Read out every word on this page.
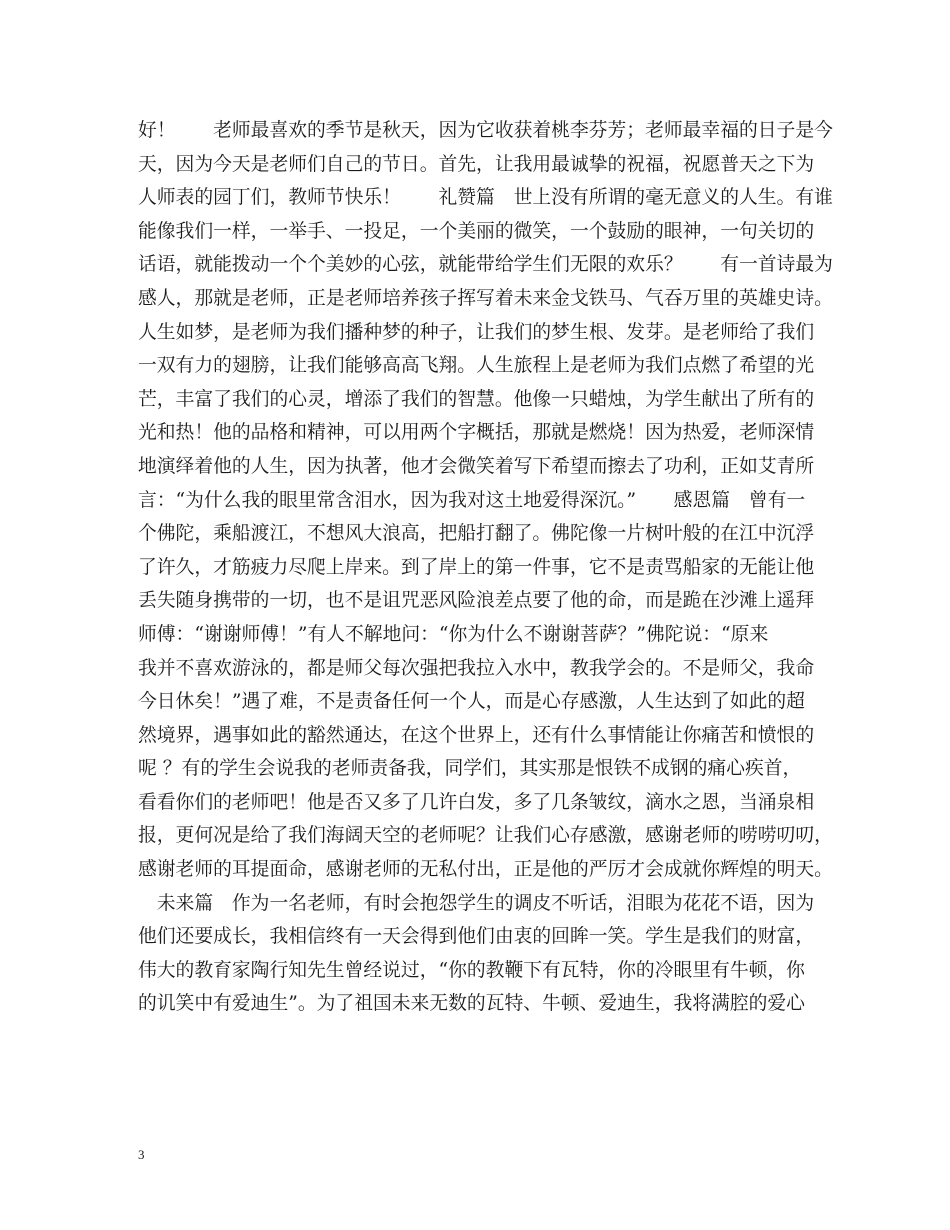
好！　　老师最喜欢的季节是秋天，因为它收获着桃李芬芳；老师最幸福的日子是今
天，因为今天是老师们自己的节日。首先，让我用最诚挚的祝福，祝愿普天之下为
人师表的园丁们，教师节快乐！　　礼赞篇　世上没有所谓的毫无意义的人生。有谁
能像我们一样，一举手、一投足，一个美丽的微笑，一个鼓励的眼神，一句关切的
话语，就能拨动一个个美妙的心弦，就能带给学生们无限的欢乐？　　有一首诗最为
感人，那就是老师，正是老师培养孩子挥写着未来金戈铁马、气吞万里的英雄史诗。
人生如梦，是老师为我们播种梦的种子，让我们的梦生根、发芽。是老师给了我们
一双有力的翅膀，让我们能够高高飞翔。人生旅程上是老师为我们点燃了希望的光
芒，丰富了我们的心灵，增添了我们的智慧。他像一只蜡烛，为学生献出了所有的
光和热！他的品格和精神，可以用两个字概括，那就是燃烧！因为热爱，老师深情
地演绎着他的人生，因为执著，他才会微笑着写下希望而擦去了功利，正如艾青所
言：“为什么我的眼里常含泪水，因为我对这土地爱得深沉。”　　感恩篇　曾有一
个佛陀，乘船渡江，不想风大浪高，把船打翻了。佛陀像一片树叶般的在江中沉浮
了许久，才筋疲力尽爬上岸来。到了岸上的第一件事，它不是责骂船家的无能让他
丢失随身携带的一切，也不是诅咒恶风险浪差点要了他的命，而是跪在沙滩上遥拜
师傅：“谢谢师傅！”有人不解地问：“你为什么不谢谢菩萨？”佛陀说：“原来
我并不喜欢游泳的，都是师父每次强把我拉入水中，教我学会的。不是师父，我命
今日休矣！”遇了难，不是责备任何一个人，而是心存感激，人生达到了如此的超
然境界，遇事如此的豁然通达，在这个世界上，还有什么事情能让你痛苦和愤恨的
呢 ？有的学生会说我的老师责备我，同学们，其实那是恨铁不成钢的痛心疾首，
看看你们的老师吧！他是否又多了几许白发，多了几条皱纹，滴水之恩，当涌泉相
报，更何况是给了我们海阔天空的老师呢？让我们心存感激，感谢老师的唠唠叨叨，
感谢老师的耳提面命，感谢老师的无私付出，正是他的严厉才会成就你辉煌的明天。
　未来篇　作为一名老师，有时会抱怨学生的调皮不听话，泪眼为花花不语，因为
他们还要成长，我相信终有一天会得到他们由衷的回眸一笑。学生是我们的财富，
伟大的教育家陶行知先生曾经说过，“你的教鞭下有瓦特，你的冷眼里有牛顿，你
的讥笑中有爱迪生”。为了祖国未来无数的瓦特、牛顿、爱迪生，我将满腔的爱心
3
